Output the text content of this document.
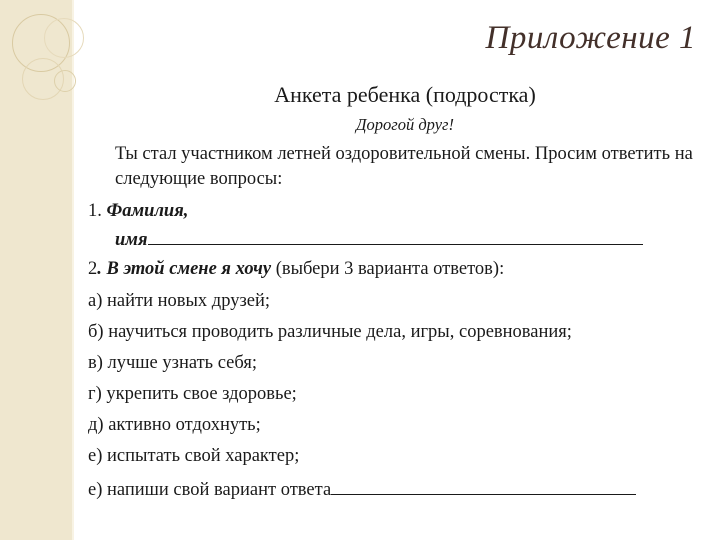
Приложение 1
Анкета ребенка (подростка)
Дорогой друг!
Ты стал участником летней оздоровительной смены. Просим ответить на следующие вопросы:
1. Фамилия,
имя
2. В этой смене я хочу (выбери 3 варианта ответов):
а) найти новых друзей;
б) научиться проводить различные дела, игры, соревнования;
в) лучше узнать себя;
г) укрепить свое здоровье;
д) активно отдохнуть;
е) испытать свой характер;
е) напиши свой вариант ответа
